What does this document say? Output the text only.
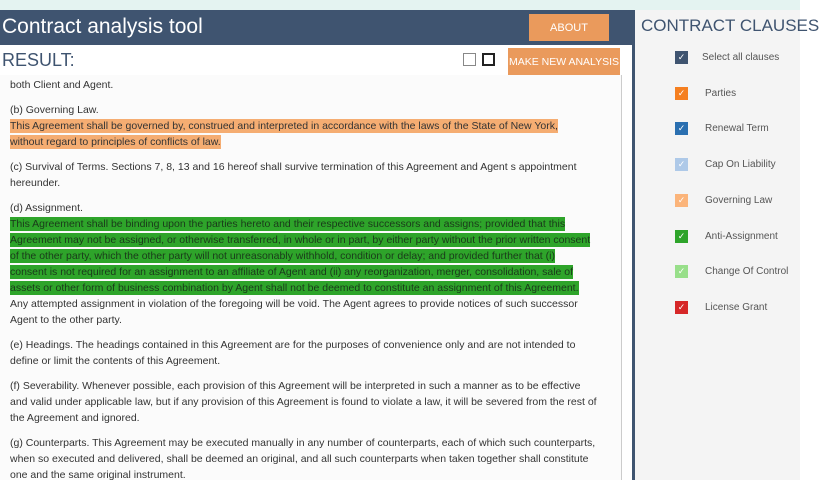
Contract analysis tool	ABOUT
RESULT:	MAKE NEW ANALYSIS
both Client and Agent.
(b) Governing Law.
This Agreement shall be governed by, construed and interpreted in accordance with the laws of the State of New York,
without regard to principles of conflicts of law.
(c) Survival of Terms. Sections 7, 8, 13 and 16 hereof shall survive termination of this Agreement and Agent s appointment
hereunder.
(d) Assignment.
This Agreement shall be binding upon the parties hereto and their respective successors and assigns; provided that this
Agreement may not be assigned, or otherwise transferred, in whole or in part, by either party without the prior written consent
of the other party, which the other party will not unreasonably withhold, condition or delay; and provided further that (i)
consent is not required for an assignment to an affiliate of Agent and (ii) any reorganization, merger, consolidation, sale of
assets or other form of business combination by Agent shall not be deemed to constitute an assignment of this Agreement.
Any attempted assignment in violation of the foregoing will be void. The Agent agrees to provide notices of such successor
Agent to the other party.
(e) Headings. The headings contained in this Agreement are for the purposes of convenience only and are not intended to
define or limit the contents of this Agreement.
(f) Severability. Whenever possible, each provision of this Agreement will be interpreted in such a manner as to be effective
and valid under applicable law, but if any provision of this Agreement is found to violate a law, it will be severed from the rest of
the Agreement and ignored.
(g) Counterparts. This Agreement may be executed manually in any number of counterparts, each of which such counterparts,
when so executed and delivered, shall be deemed an original, and all such counterparts when taken together shall constitute
one and the same original instrument.
CONTRACT CLAUSES
✓ Select all clauses
✓ Parties
✓ Renewal Term
✓ Cap On Liability
✓ Governing Law
✓ Anti-Assignment
✓ Change Of Control
✓ License Grant
